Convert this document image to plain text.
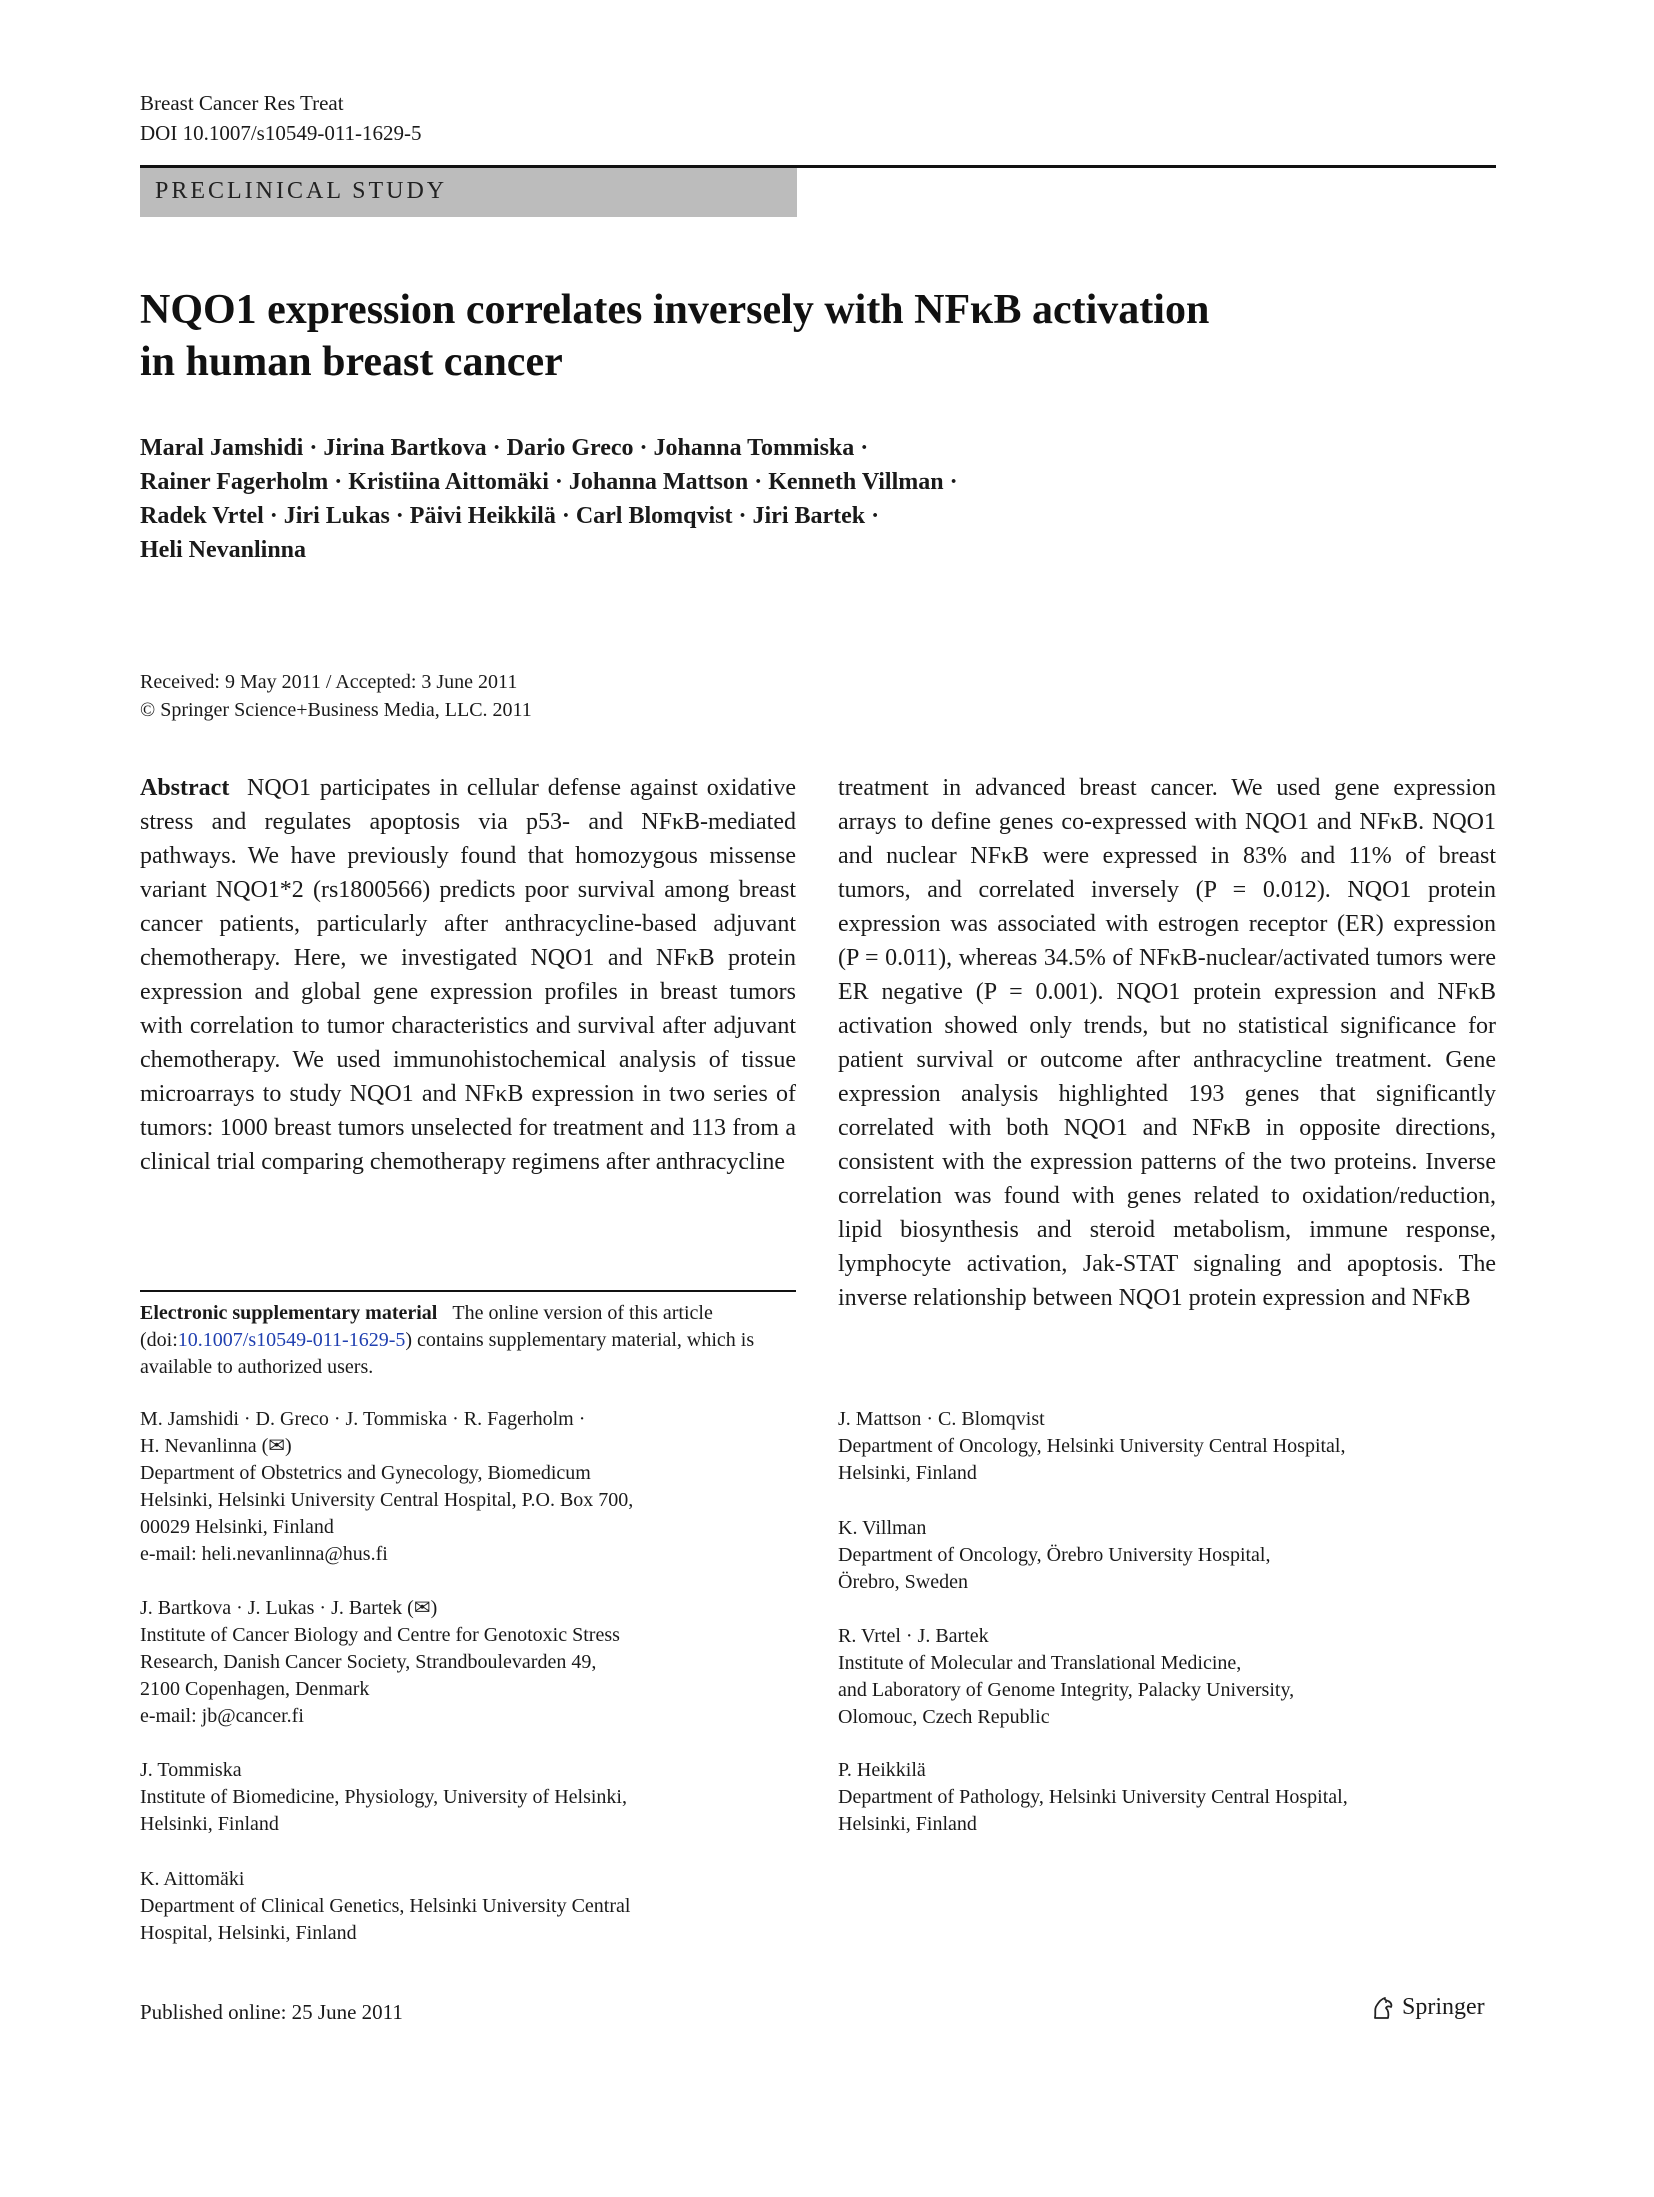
Breast Cancer Res Treat
DOI 10.1007/s10549-011-1629-5
PRECLINICAL STUDY
NQO1 expression correlates inversely with NFκB activation
in human breast cancer
Maral Jamshidi · Jirina Bartkova · Dario Greco · Johanna Tommiska ·
Rainer Fagerholm · Kristiina Aittomäki · Johanna Mattson · Kenneth Villman ·
Radek Vrtel · Jiri Lukas · Päivi Heikkilä · Carl Blomqvist · Jiri Bartek ·
Heli Nevanlinna
Received: 9 May 2011 / Accepted: 3 June 2011
© Springer Science+Business Media, LLC. 2011
Abstract NQO1 participates in cellular defense against oxidative stress and regulates apoptosis via p53- and NFκB-mediated pathways. We have previously found that homozygous missense variant NQO1*2 (rs1800566) predicts poor survival among breast cancer patients, particularly after anthracycline-based adjuvant chemotherapy. Here, we investigated NQO1 and NFκB protein expression and global gene expression profiles in breast tumors with correlation to tumor characteristics and survival after adjuvant chemotherapy. We used immunohistochemical analysis of tissue microarrays to study NQO1 and NFκB expression in two series of tumors: 1000 breast tumors unselected for treatment and 113 from a clinical trial comparing chemotherapy regimens after anthracycline
treatment in advanced breast cancer. We used gene expression arrays to define genes co-expressed with NQO1 and NFκB. NQO1 and nuclear NFκB were expressed in 83% and 11% of breast tumors, and correlated inversely (P = 0.012). NQO1 protein expression was associated with estrogen receptor (ER) expression (P = 0.011), whereas 34.5% of NFκB-nuclear/activated tumors were ER negative (P = 0.001). NQO1 protein expression and NFκB activation showed only trends, but no statistical significance for patient survival or outcome after anthracycline treatment. Gene expression analysis highlighted 193 genes that significantly correlated with both NQO1 and NFκB in opposite directions, consistent with the expression patterns of the two proteins. Inverse correlation was found with genes related to oxidation/reduction, lipid biosynthesis and steroid metabolism, immune response, lymphocyte activation, Jak-STAT signaling and apoptosis. The inverse relationship between NQO1 protein expression and NFκB
Electronic supplementary material The online version of this article (doi:10.1007/s10549-011-1629-5) contains supplementary material, which is available to authorized users.
M. Jamshidi · D. Greco · J. Tommiska · R. Fagerholm ·
H. Nevanlinna (✉)
Department of Obstetrics and Gynecology, Biomedicum
Helsinki, Helsinki University Central Hospital, P.O. Box 700,
00029 Helsinki, Finland
e-mail: heli.nevanlinna@hus.fi
J. Bartkova · J. Lukas · J. Bartek (✉)
Institute of Cancer Biology and Centre for Genotoxic Stress
Research, Danish Cancer Society, Strandboulevarden 49,
2100 Copenhagen, Denmark
e-mail: jb@cancer.fi
J. Tommiska
Institute of Biomedicine, Physiology, University of Helsinki,
Helsinki, Finland
K. Aittomäki
Department of Clinical Genetics, Helsinki University Central
Hospital, Helsinki, Finland
J. Mattson · C. Blomqvist
Department of Oncology, Helsinki University Central Hospital,
Helsinki, Finland
K. Villman
Department of Oncology, Örebro University Hospital,
Örebro, Sweden
R. Vrtel · J. Bartek
Institute of Molecular and Translational Medicine,
and Laboratory of Genome Integrity, Palacky University,
Olomouc, Czech Republic
P. Heikkilä
Department of Pathology, Helsinki University Central Hospital,
Helsinki, Finland
Published online: 25 June 2011	Springer
